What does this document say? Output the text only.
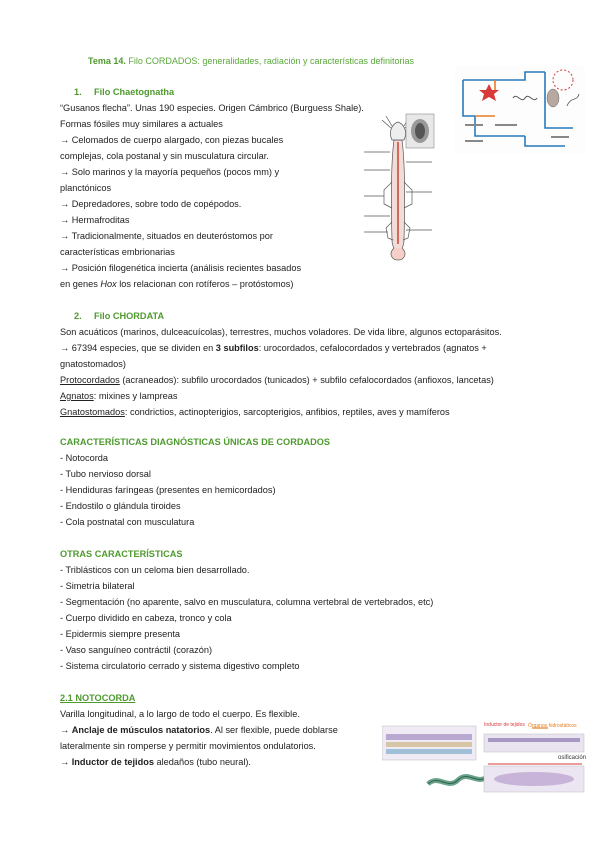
Tema 14. Filo CORDADOS: generalidades, radiación y características definitorias
1. Filo Chaetognatha
“Gusanos flecha”. Unas 190 especies. Origen Cámbrico (Burguess Shale).
Formas fósiles muy similares a actuales
→ Celomados de cuerpo alargado, con piezas bucales
complejas, cola postanal y sin musculatura circular.
→ Solo marinos y la mayoría pequeños (pocos mm) y
planctónicos
→ Depredadores, sobre todo de copépodos.
→ Hermafroditas
→ Tradicionalmente, situados en deuteróstomos por
características embrionarias
→ Posición filogenética incierta (análisis recientes basados
en genes Hox los relacionan con rotíferos – protóstomos)
2. Filo CHORDATA
Son acuáticos (marinos, dulceacuícolas), terrestres, muchos voladores. De vida libre, algunos ectoparásitos.
→ 67394 especies, que se dividen en 3 subfilos: urocordados, cefalocordados y vertebrados (agnatos +
gnatostomados)
Protocordados (acraneados): subfilo urocordados (tunicados) + subfilo cefalocordados (anfioxos, lancetas)
Agnatos: mixines y lampreas
Gnatostomados: condrictios, actinopterigios, sarcopterigios, anfibios, reptiles, aves y mamíferos
CARACTERÍSTICAS DIAGNÓSTICAS ÚNICAS DE CORDADOS
- Notocorda
- Tubo nervioso dorsal
- Hendiduras faríngeas (presentes en hemicordados)
- Endostilo o glándula tiroides
- Cola postnatal con musculatura
OTRAS CARACTERÍSTICAS
- Triblásticos con un celoma bien desarrollado.
- Simetría bilateral
- Segmentación (no aparente, salvo en musculatura, columna vertebral de vertebrados, etc)
- Cuerpo dividido en cabeza, tronco y cola
- Epidermis siempre presenta
- Vaso sanguíneo contráctil (corazón)
- Sistema circulatorio cerrado y sistema digestivo completo
2.1 NOTOCORDA
Varilla longitudinal, a lo largo de todo el cuerpo. Es flexible.
→ Anclaje de músculos natatorios. Al ser flexible, puede doblarse
lateralmente sin romperse y permitir movimientos ondulatorios.
→ Inductor de tejidos aledaños (tubo neural).
Inductor de tejidos Órganos hidrostáticos
osificación
